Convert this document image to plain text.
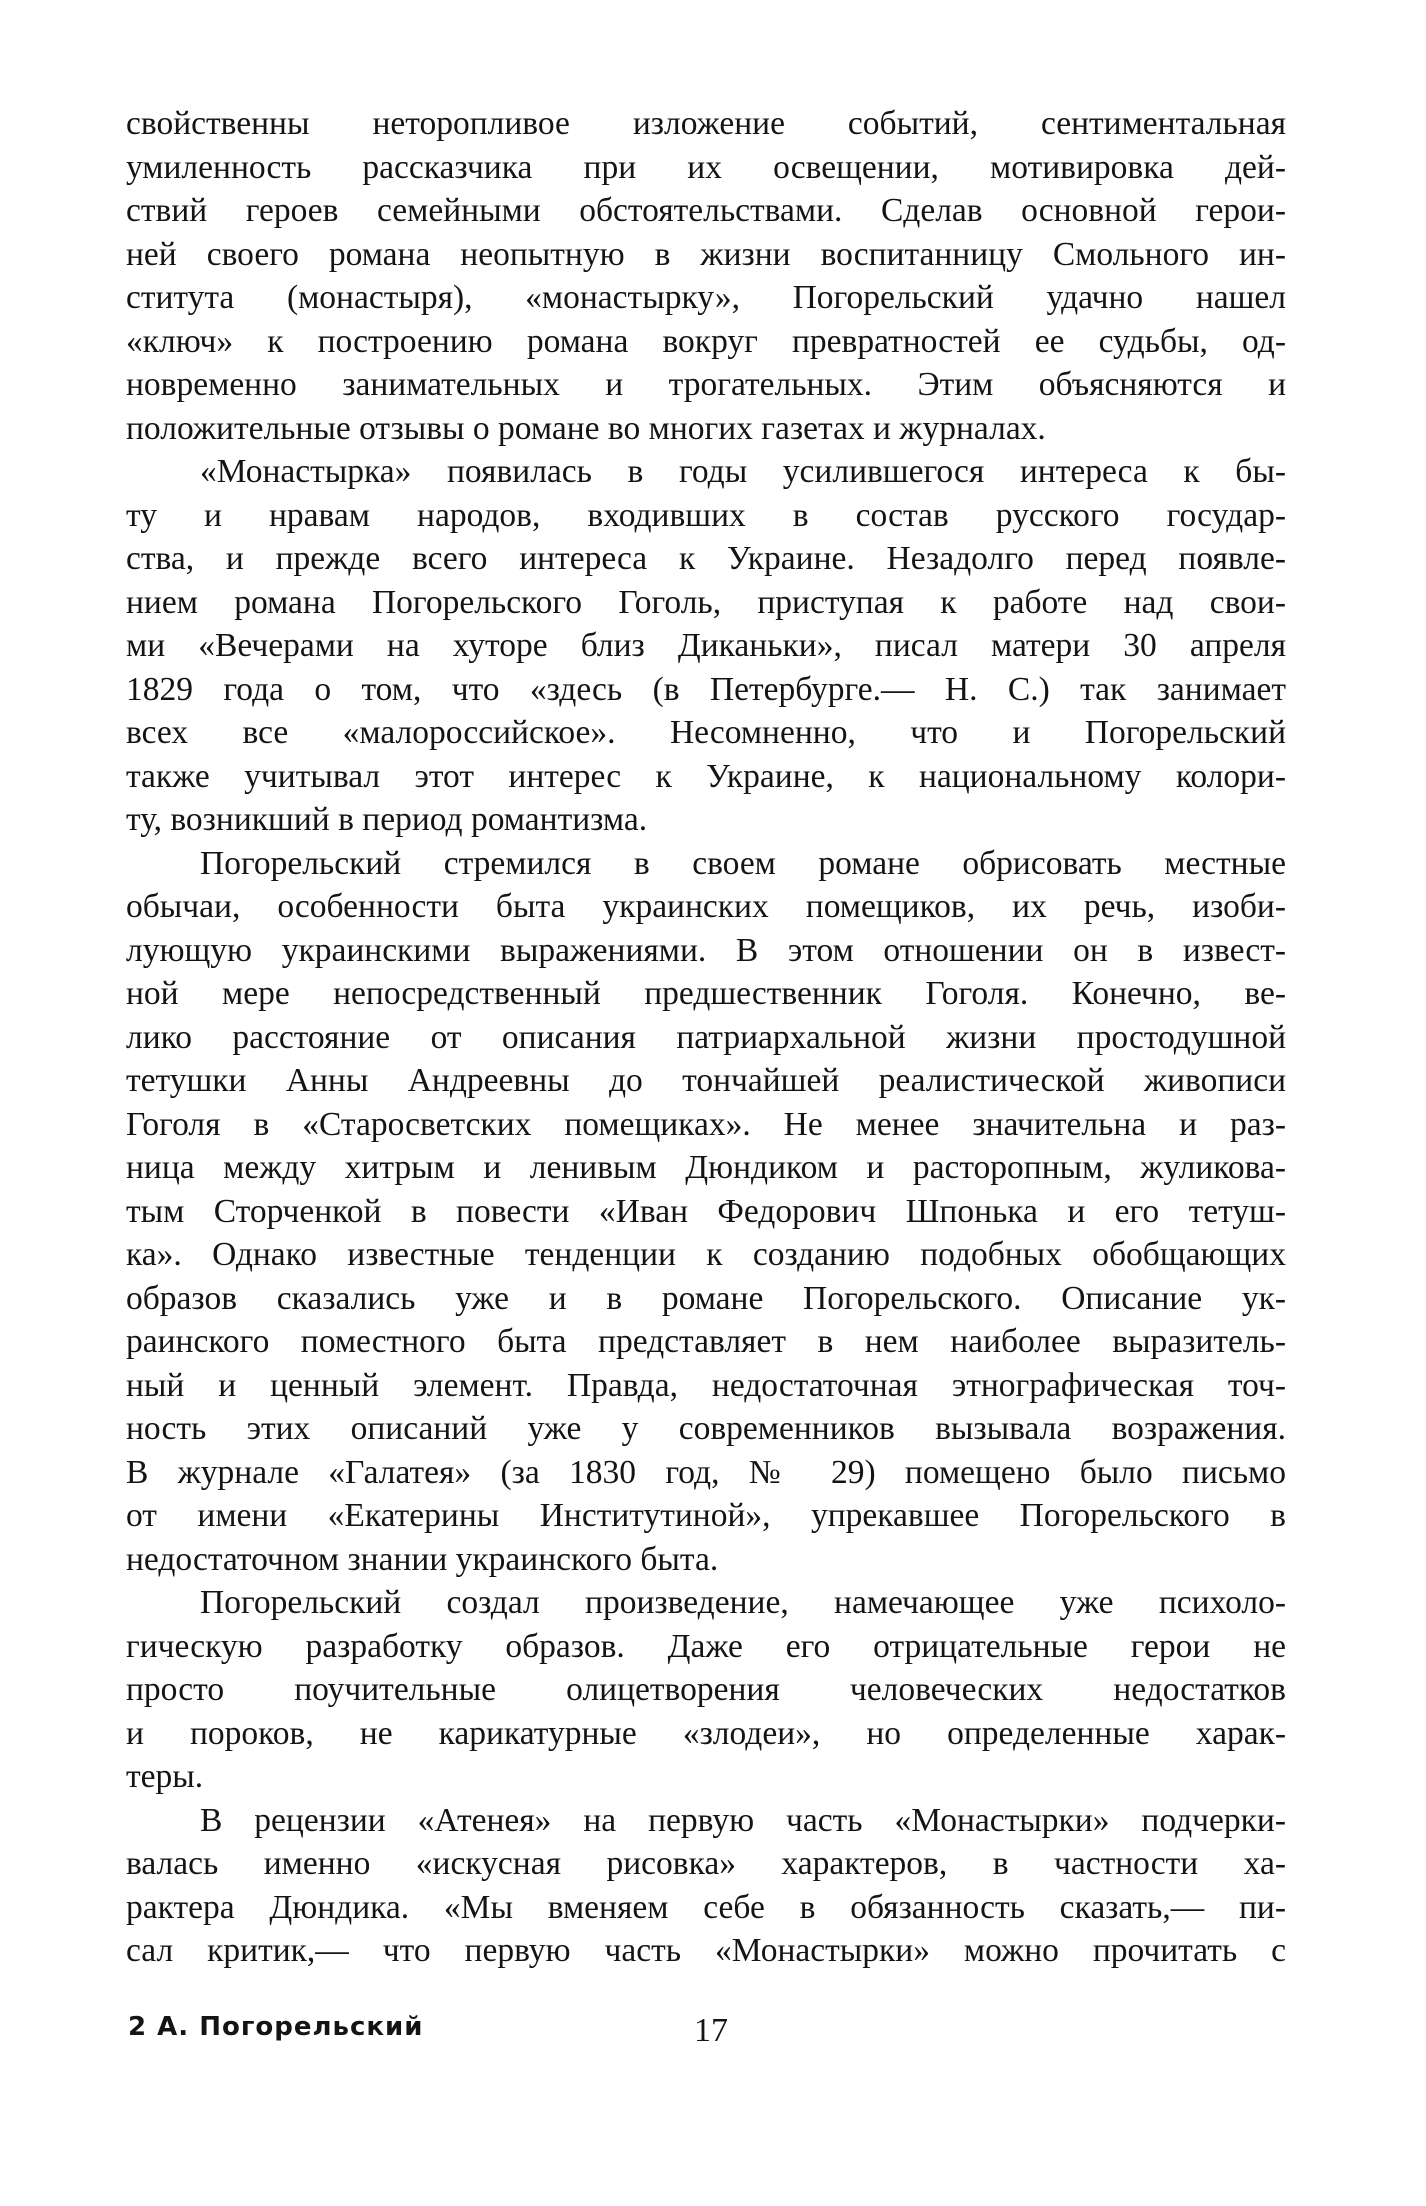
свойственны неторопливое изложение событий, сентиментальная
умиленность рассказчика при их освещении, мотивировка дей-
ствий героев семейными обстоятельствами. Сделав основной герои-
ней своего романа неопытную в жизни воспитанницу Смольного ин-
ститута (монастыря), «монастырку», Погорельский удачно нашел
«ключ» к построению романа вокруг превратностей ее судьбы, од-
новременно занимательных и трогательных. Этим объясняются и
положительные отзывы о романе во многих газетах и журналах.

«Монастырка» появилась в годы усилившегося интереса к бы-
ту и нравам народов, входивших в состав русского государ-
ства, и прежде всего интереса к Украине. Незадолго перед появле-
нием романа Погорельского Гоголь, приступая к работе над свои-
ми «Вечерами на хуторе близ Диканьки», писал матери 30 апреля
1829 года о том, что «здесь (в Петербурге.— Н. С.) так занимает
всех все «малороссийское». Несомненно, что и Погорельский
также учитывал этот интерес к Украине, к национальному колори-
ту, возникший в период романтизма.

Погорельский стремился в своем романе обрисовать местные
обычаи, особенности быта украинских помещиков, их речь, изоби-
лующую украинскими выражениями. В этом отношении он в извест-
ной мере непосредственный предшественник Гоголя. Конечно, ве-
лико расстояние от описания патриархальной жизни простодушной
тетушки Анны Андреевны до тончайшей реалистической живописи
Гоголя в «Старосветских помещиках». Не менее значительна и раз-
ница между хитрым и ленивым Дюндиком и расторопным, жуликова-
тым Сторченкой в повести «Иван Федорович Шпонька и его тетуш-
ка». Однако известные тенденции к созданию подобных обобщающих
образов сказались уже и в романе Погорельского. Описание ук-
раинского поместного быта представляет в нем наиболее выразитель-
ный и ценный элемент. Правда, недостаточная этнографическая точ-
ность этих описаний уже у современников вызывала возражения.
В журнале «Галатея» (за 1830 год, № 29) помещено было письмо
от имени «Екатерины Институтиной», упрекавшее Погорельского в
недостаточном знании украинского быта.

Погорельский создал произведение, намечающее уже психоло-
гическую разработку образов. Даже его отрицательные герои не
просто поучительные олицетворения человеческих недостатков
и пороков, не карикатурные «злодеи», но определенные харак-
теры.

В рецензии «Атенея» на первую часть «Монастырки» подчерки-
валась именно «искусная рисовка» характеров, в частности ха-
рактера Дюндика. «Мы вменяем себе в обязанность сказать,— пи-
сал критик,— что первую часть «Монастырки» можно прочитать с

2 А. Погорельский	17
